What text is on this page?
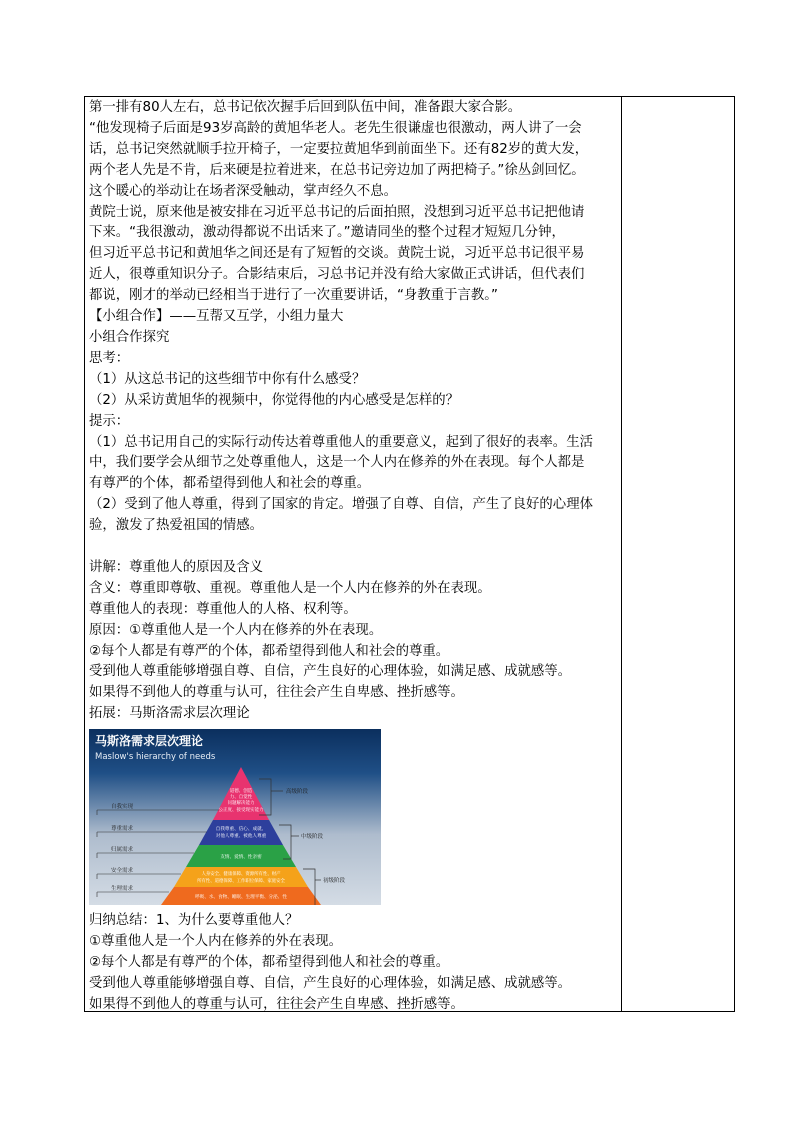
第一排有80人左右，总书记依次握手后回到队伍中间，准备跟大家合影。

“他发现椅子后面是93岁高龄的黄旭华老人。老先生很谦虚也很激动，两人讲了一会

话，总书记突然就顺手拉开椅子，一定要拉黄旭华到前面坐下。还有82岁的黄大发，

两个老人先是不肯，后来硬是拉着进来，在总书记旁边加了两把椅子。”徐丛剑回忆。

这个暖心的举动让在场者深受触动，掌声经久不息。

黄院士说，原来他是被安排在习近平总书记的后面拍照，没想到习近平总书记把他请

下来。“我很激动，激动得都说不出话来了。”邀请同坐的整个过程才短短几分钟，

但习近平总书记和黄旭华之间还是有了短暂的交谈。黄院士说，习近平总书记很平易

近人，很尊重知识分子。合影结束后，习总书记并没有给大家做正式讲话，但代表们

都说，刚才的举动已经相当于进行了一次重要讲话，“身教重于言教。”

【小组合作】——互帮又互学，小组力量大

小组合作探究

思考：

（1）从这总书记的这些细节中你有什么感受？

（2）从采访黄旭华的视频中，你觉得他的内心感受是怎样的？

提示：

（1）总书记用自己的实际行动传达着尊重他人的重要意义，起到了很好的表率。生活

中，我们要学会从细节之处尊重他人，这是一个人内在修养的外在表现。每个人都是

有尊严的个体，都希望得到他人和社会的尊重。

（2）受到了他人尊重，得到了国家的肯定。增强了自尊、自信，产生了良好的心理体

验，激发了热爱祖国的情感。

讲解：尊重他人的原因及含义

含义：尊重即尊敬、重视。尊重他人是一个人内在修养的外在表现。

尊重他人的表现：尊重他人的人格、权利等。

原因：①尊重他人是一个人内在修养的外在表现。

②每个人都是有尊严的个体，都希望得到他人和社会的尊重。

受到他人尊重能够增强自尊、自信，产生良好的心理体验，如满足感、成就感等。

如果得不到他人的尊重与认可，往往会产生自卑感、挫折感等。

拓展：马斯洛需求层次理论

马斯洛需求层次理论
Maslow's hierarchy of needs
道德、创造
力、自觉性
问题解决能力
公正度、接受现实能力
自我尊重、信心、成就、
对他人尊重、被他人尊重
友情、爱情、性亲密
人身安全、健康保障、资源所有性、财产
所有性、道德保障、工作职位保障、家庭安全
呼吸、水、食物、睡眠、生理平衡、分泌、性
自我实现
尊重需求
归属需求
安全需求
生理需求
高级阶段
中级阶段
初级阶段

归纳总结：1、为什么要尊重他人？

①尊重他人是一个人内在修养的外在表现。

②每个人都是有尊严的个体，都希望得到他人和社会的尊重。

受到他人尊重能够增强自尊、自信，产生良好的心理体验，如满足感、成就感等。

如果得不到他人的尊重与认可，往往会产生自卑感、挫折感等。
